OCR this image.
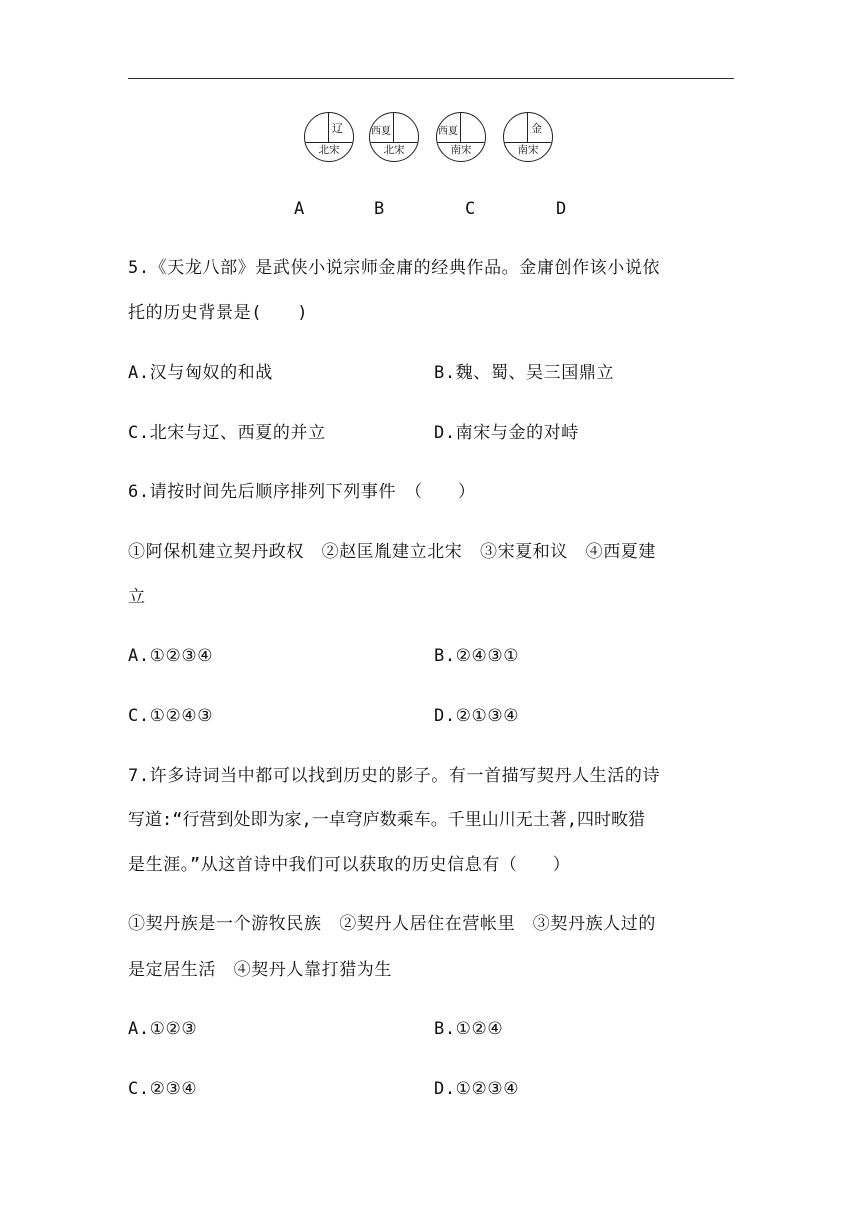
辽
北宋
西夏
北宋
西夏
南宋
金
南宋
A	B	C	D
5.《天龙八部》是武侠小说宗师金庸的经典作品。金庸创作该小说依
托的历史背景是(　　)
A.汉与匈奴的和战	B.魏、蜀、吴三国鼎立
C.北宋与辽、西夏的并立	D.南宋与金的对峙
6.请按时间先后顺序排列下列事件　（　　）
①阿保机建立契丹政权　②赵匡胤建立北宋　③宋夏和议　④西夏建
立
A.①②③④	B.②④③①
C.①②④③	D.②①③④
7.许多诗词当中都可以找到历史的影子。有一首描写契丹人生活的诗
写道:“行营到处即为家,一卓穹庐数乘车。千里山川无土著,四时畋猎
是生涯。”从这首诗中我们可以获取的历史信息有（　　）
①契丹族是一个游牧民族　②契丹人居住在营帐里　③契丹族人过的
是定居生活　④契丹人靠打猎为生
A.①②③	B.①②④
C.②③④	D.①②③④
